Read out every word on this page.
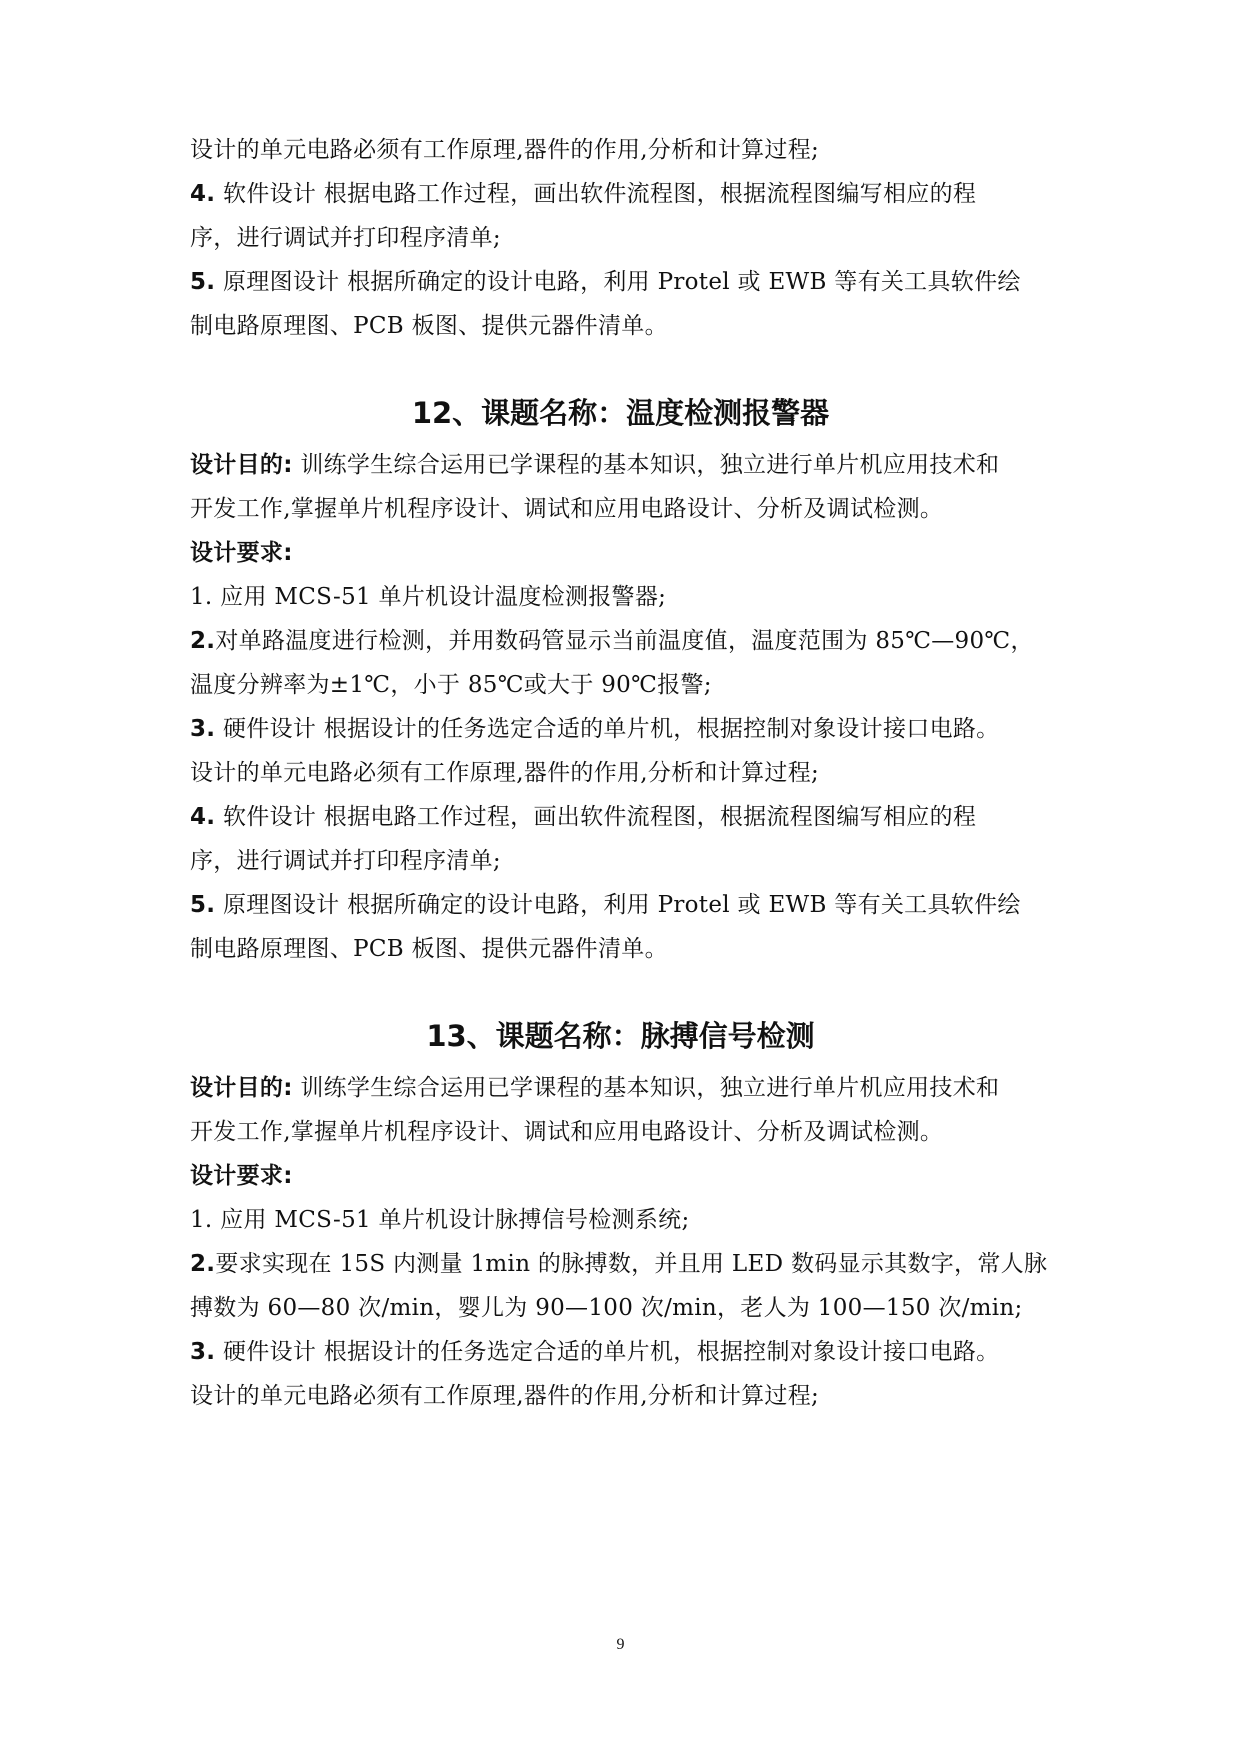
设计的单元电路必须有工作原理,器件的作用,分析和计算过程;
4. 软件设计 根据电路工作过程，画出软件流程图，根据流程图编写相应的程
序，进行调试并打印程序清单;
5. 原理图设计 根据所确定的设计电路，利用 Protel 或 EWB 等有关工具软件绘
制电路原理图、PCB 板图、提供元器件清单。
12、课题名称：温度检测报警器
设计目的: 训练学生综合运用已学课程的基本知识，独立进行单片机应用技术和
开发工作,掌握单片机程序设计、调试和应用电路设计、分析及调试检测。
设计要求:
1. 应用 MCS-51 单片机设计温度检测报警器;
2.对单路温度进行检测，并用数码管显示当前温度值，温度范围为 85℃—90℃，
温度分辨率为±1℃，小于 85℃或大于 90℃报警;
3. 硬件设计 根据设计的任务选定合适的单片机，根据控制对象设计接口电路。
设计的单元电路必须有工作原理,器件的作用,分析和计算过程;
4. 软件设计 根据电路工作过程，画出软件流程图，根据流程图编写相应的程
序，进行调试并打印程序清单;
5. 原理图设计 根据所确定的设计电路，利用 Protel 或 EWB 等有关工具软件绘
制电路原理图、PCB 板图、提供元器件清单。
13、课题名称：脉搏信号检测
设计目的: 训练学生综合运用已学课程的基本知识，独立进行单片机应用技术和
开发工作,掌握单片机程序设计、调试和应用电路设计、分析及调试检测。
设计要求:
1. 应用 MCS-51 单片机设计脉搏信号检测系统;
2.要求实现在 15S 内测量 1min 的脉搏数，并且用 LED 数码显示其数字，常人脉
搏数为 60—80 次/min，婴儿为 90—100 次/min，老人为 100—150 次/min;
3. 硬件设计 根据设计的任务选定合适的单片机，根据控制对象设计接口电路。
设计的单元电路必须有工作原理,器件的作用,分析和计算过程;
9
